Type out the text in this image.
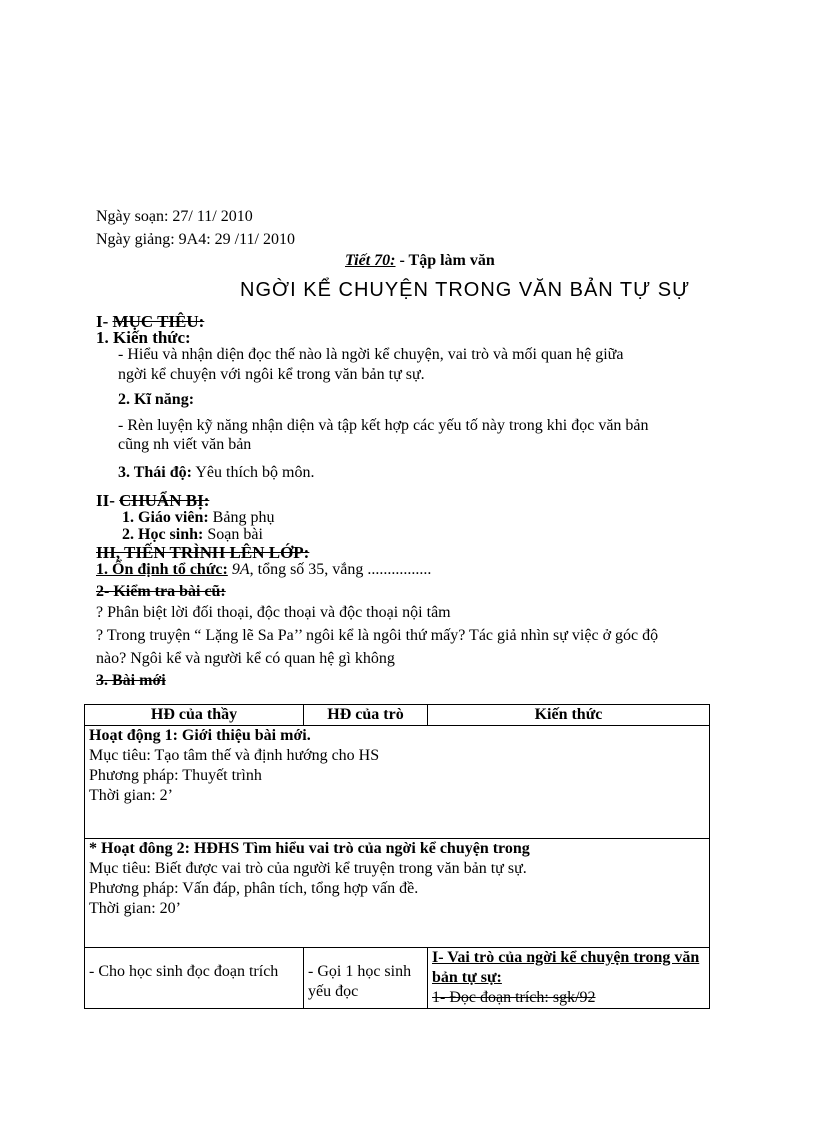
Ngày soạn: 27/ 11/ 2010
Ngày giảng: 9A4: 29 /11/ 2010
Tiết 70: - Tập làm văn
NGỜI KỂ CHUYỆN TRONG VĂN BẢN TỰ SỰ
I- MỤC TIÊU:
1. Kiến thức:
- Hiểu và nhận diện đọc thế nào là ngời kể chuyện, vai trò và mối quan hệ giữa
ngời kể chuyện với ngôi kể trong văn bản tự sự.
2. Kĩ năng:
- Rèn luyện kỹ năng nhận diện và tập kết hợp các yếu tố này trong khi đọc văn bản
cũng nh viết văn bản
3. Thái độ: Yêu thích bộ môn.
II- CHUẨN BỊ:
1. Giáo viên: Bảng phụ
2. Học sinh: Soạn bài
III, TIẾN TRÌNH LÊN LỚP:
1. Ổn định tổ chức: 9A, tổng số 35, vắng ................
2- Kiểm tra bài cũ:
? Phân biệt lời đối thoại, độc thoại và độc thoại nội tâm
? Trong truyện “ Lặng lẽ Sa Pa’’ ngôi kể là ngôi thứ mấy? Tác giả nhìn sự việc ở góc độ
nào? Ngôi kể và người kể có quan hệ gì không
3. Bài mới
HĐ của thầy	HĐ của trò	Kiến thức

Hoạt động 1: Giới thiệu bài mới.
Mục tiêu: Tạo tâm thế và định hướng cho HS
Phương pháp: Thuyết trình
Thời gian: 2’		

* Hoạt đông 2: HĐHS Tìm hiểu vai trò của ngời kể chuyện trong
Mục tiêu: Biết được vai trò của người kể truyện trong văn bản tự sự.
Phương pháp: Vấn đáp, phân tích, tổng hợp vấn đề.
Thời gian: 20’		

- Cho học sinh đọc đoạn trích	- Gọi 1 học sinh yếu đọc	I- Vai trò của ngời kể chuyện trong văn bản tự sự:
1- Đọc đoạn trích: sgk/92
